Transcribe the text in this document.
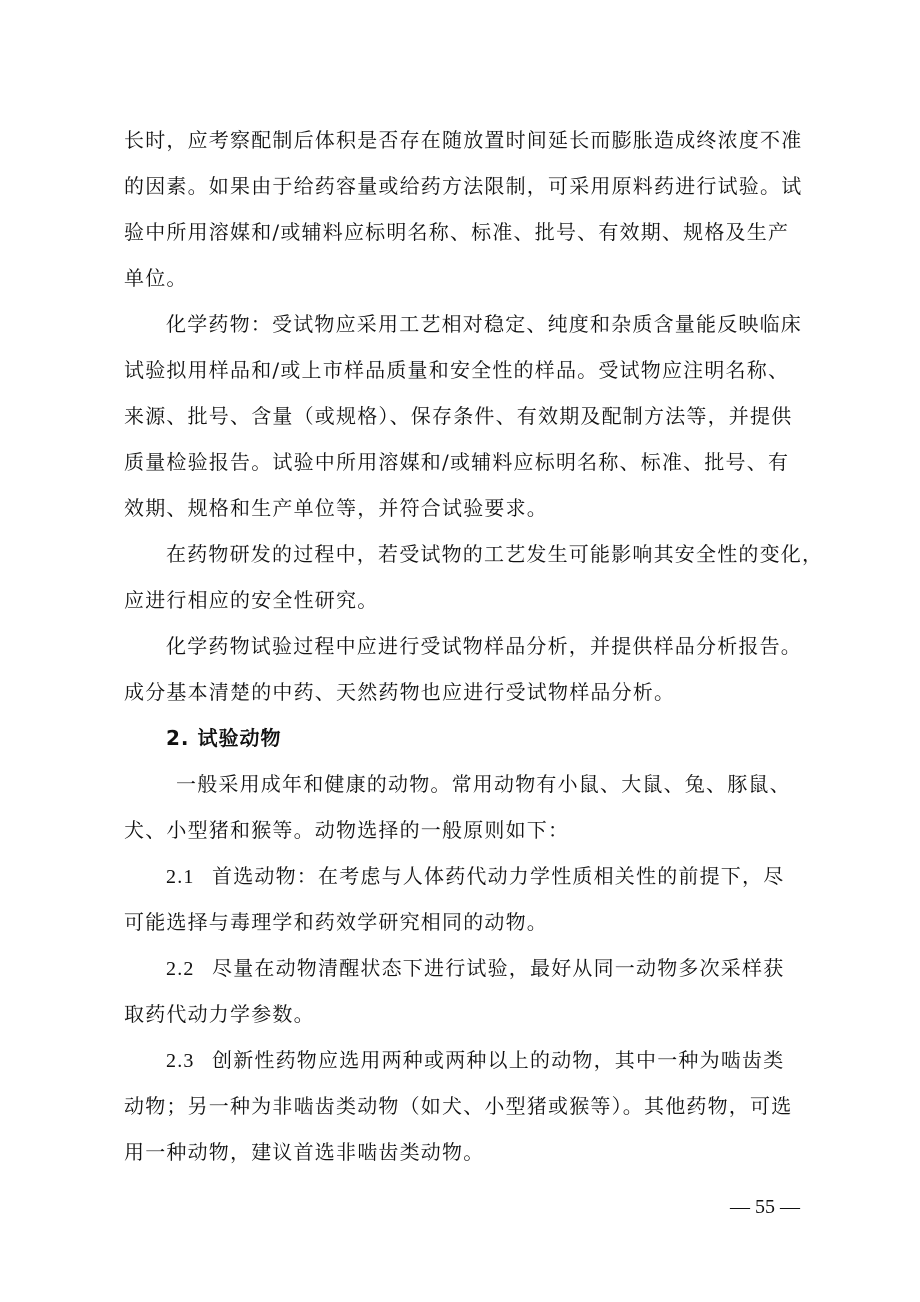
长时，应考察配制后体积是否存在随放置时间延长而膨胀造成终浓度不准
的因素。如果由于给药容量或给药方法限制，可采用原料药进行试验。试
验中所用溶媒和/或辅料应标明名称、标准、批号、有效期、规格及生产
单位。
化学药物：受试物应采用工艺相对稳定、纯度和杂质含量能反映临床
试验拟用样品和/或上市样品质量和安全性的样品。受试物应注明名称、
来源、批号、含量（或规格）、保存条件、有效期及配制方法等，并提供
质量检验报告。试验中所用溶媒和/或辅料应标明名称、标准、批号、有
效期、规格和生产单位等，并符合试验要求。
在药物研发的过程中，若受试物的工艺发生可能影响其安全性的变化，
应进行相应的安全性研究。
化学药物试验过程中应进行受试物样品分析，并提供样品分析报告。
成分基本清楚的中药、天然药物也应进行受试物样品分析。
2. 试验动物
一般采用成年和健康的动物。常用动物有小鼠、大鼠、兔、豚鼠、
犬、小型猪和猴等。动物选择的一般原则如下：
2.1 首选动物：在考虑与人体药代动力学性质相关性的前提下，尽
可能选择与毒理学和药效学研究相同的动物。
2.2 尽量在动物清醒状态下进行试验，最好从同一动物多次采样获
取药代动力学参数。
2.3 创新性药物应选用两种或两种以上的动物，其中一种为啮齿类
动物；另一种为非啮齿类动物（如犬、小型猪或猴等）。其他药物，可选
用一种动物，建议首选非啮齿类动物。
— 55 —
